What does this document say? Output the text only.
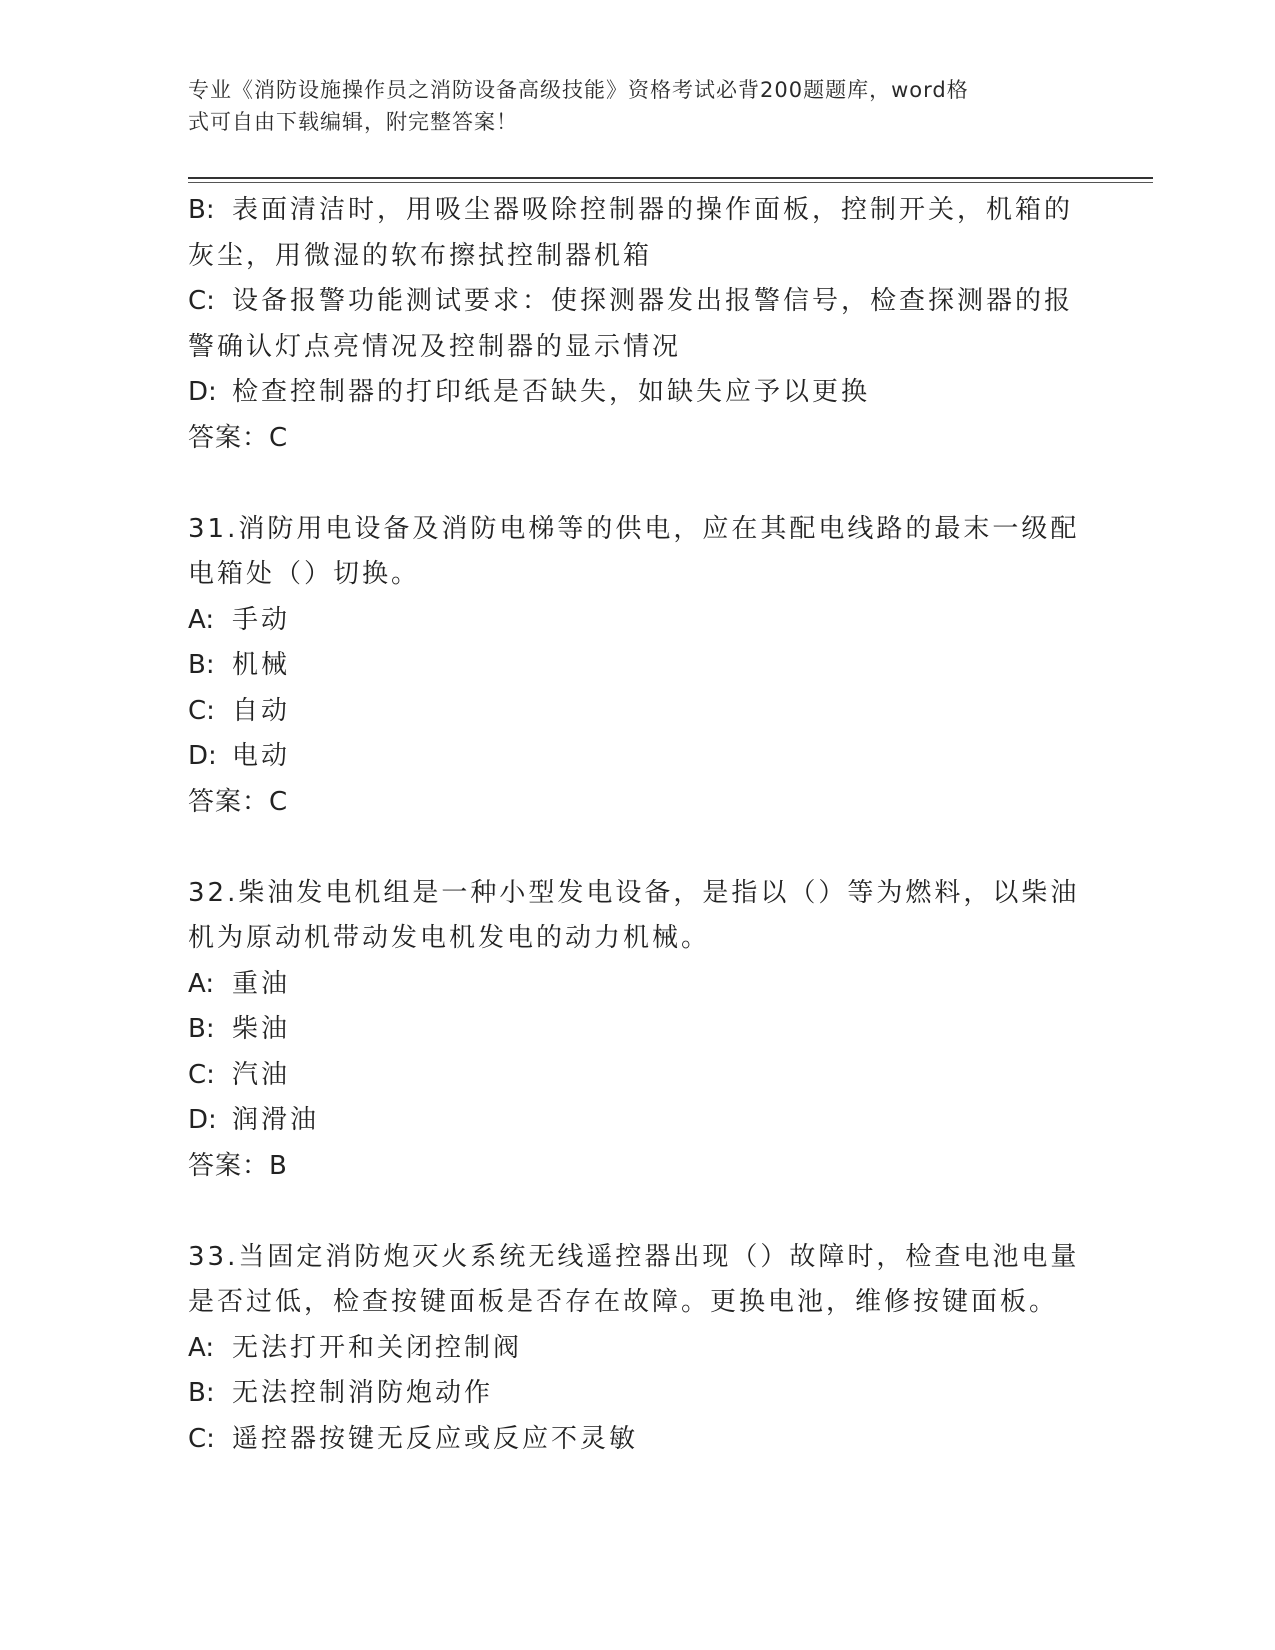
专业《消防设施操作员之消防设备高级技能》资格考试必背200题题库，word格
式可自由下载编辑，附完整答案！
B: 表面清洁时，用吸尘器吸除控制器的操作面板，控制开关，机箱的
灰尘，用微湿的软布擦拭控制器机箱
C: 设备报警功能测试要求：使探测器发出报警信号，检查探测器的报
警确认灯点亮情况及控制器的显示情况
D: 检查控制器的打印纸是否缺失，如缺失应予以更换
答案：C
31.消防用电设备及消防电梯等的供电，应在其配电线路的最末一级配
电箱处（）切换。
A: 手动
B: 机械
C: 自动
D: 电动
答案：C
32.柴油发电机组是一种小型发电设备，是指以（）等为燃料，以柴油
机为原动机带动发电机发电的动力机械。
A: 重油
B: 柴油
C: 汽油
D: 润滑油
答案：B
33.当固定消防炮灭火系统无线遥控器出现（）故障时，检查电池电量
是否过低，检查按键面板是否存在故障。更换电池，维修按键面板。
A: 无法打开和关闭控制阀
B: 无法控制消防炮动作
C: 遥控器按键无反应或反应不灵敏
